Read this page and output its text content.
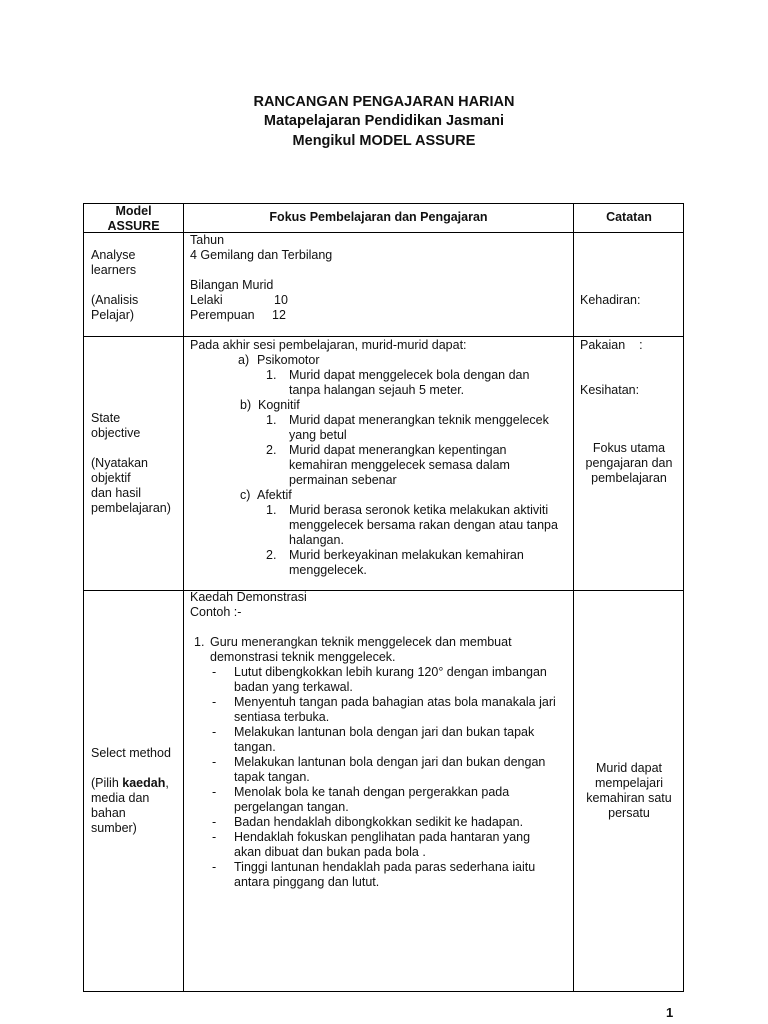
RANCANGAN PENGAJARAN HARIAN
Matapelajaran Pendidikan Jasmani
Mengikul MODEL ASSURE
Model
ASSURE
Fokus Pembelajaran dan Pengajaran	Catatan
Analyse
learners
(Analisis
Pelajar)
Tahun
4 Gemilang dan Terbilang
Bilangan Murid
Lelaki	10
Perempuan 12

Kehadiran:

Pakaian    :

Kesihatan:

State
objective
(Nyatakan
objektif
dan hasil
pembelajaran)
Pada akhir sesi pembelajaran, murid-murid dapat:
a) Psikomotor
1. Murid dapat menggelecek bola dengan dan
tanpa halangan sejauh 5 meter.
b) Kognitif
1. Murid dapat menerangkan teknik menggelecek
yang betul
2. Murid dapat menerangkan kepentingan
kemahiran menggelecek semasa dalam
permainan sebenar
c) Afektif
1. Murid berasa seronok ketika melakukan aktiviti
menggelecek bersama rakan dengan atau tanpa
halangan.
2. Murid berkeyakinan melakukan kemahiran
menggelecek.
Fokus utama
pengajaran dan
pembelajaran
Select method
(Pilih kaedah,
media dan
bahan
sumber)
Kaedah Demonstrasi
Contoh :-
1. Guru menerangkan teknik menggelecek dan membuat
demonstrasi teknik menggelecek.
- Lutut dibengkokkan lebih kurang 120° dengan imbangan
badan yang terkawal.
- Menyentuh tangan pada bahagian atas bola manakala jari
sentiasa terbuka.
- Melakukan lantunan bola dengan jari dan bukan tapak
tangan.
- Melakukan lantunan bola dengan jari dan bukan dengan
tapak tangan.
- Menolak bola ke tanah dengan pergerakkan pada
pergelangan tangan.
- Badan hendaklah dibongkokkan sedikit ke hadapan.
- Hendaklah fokuskan penglihatan pada hantaran yang
akan dibuat dan bukan pada bola .
- Tinggi lantunan hendaklah pada paras sederhana iaitu
antara pinggang dan lutut.
Murid dapat
mempelajari
kemahiran satu
persatu
1
